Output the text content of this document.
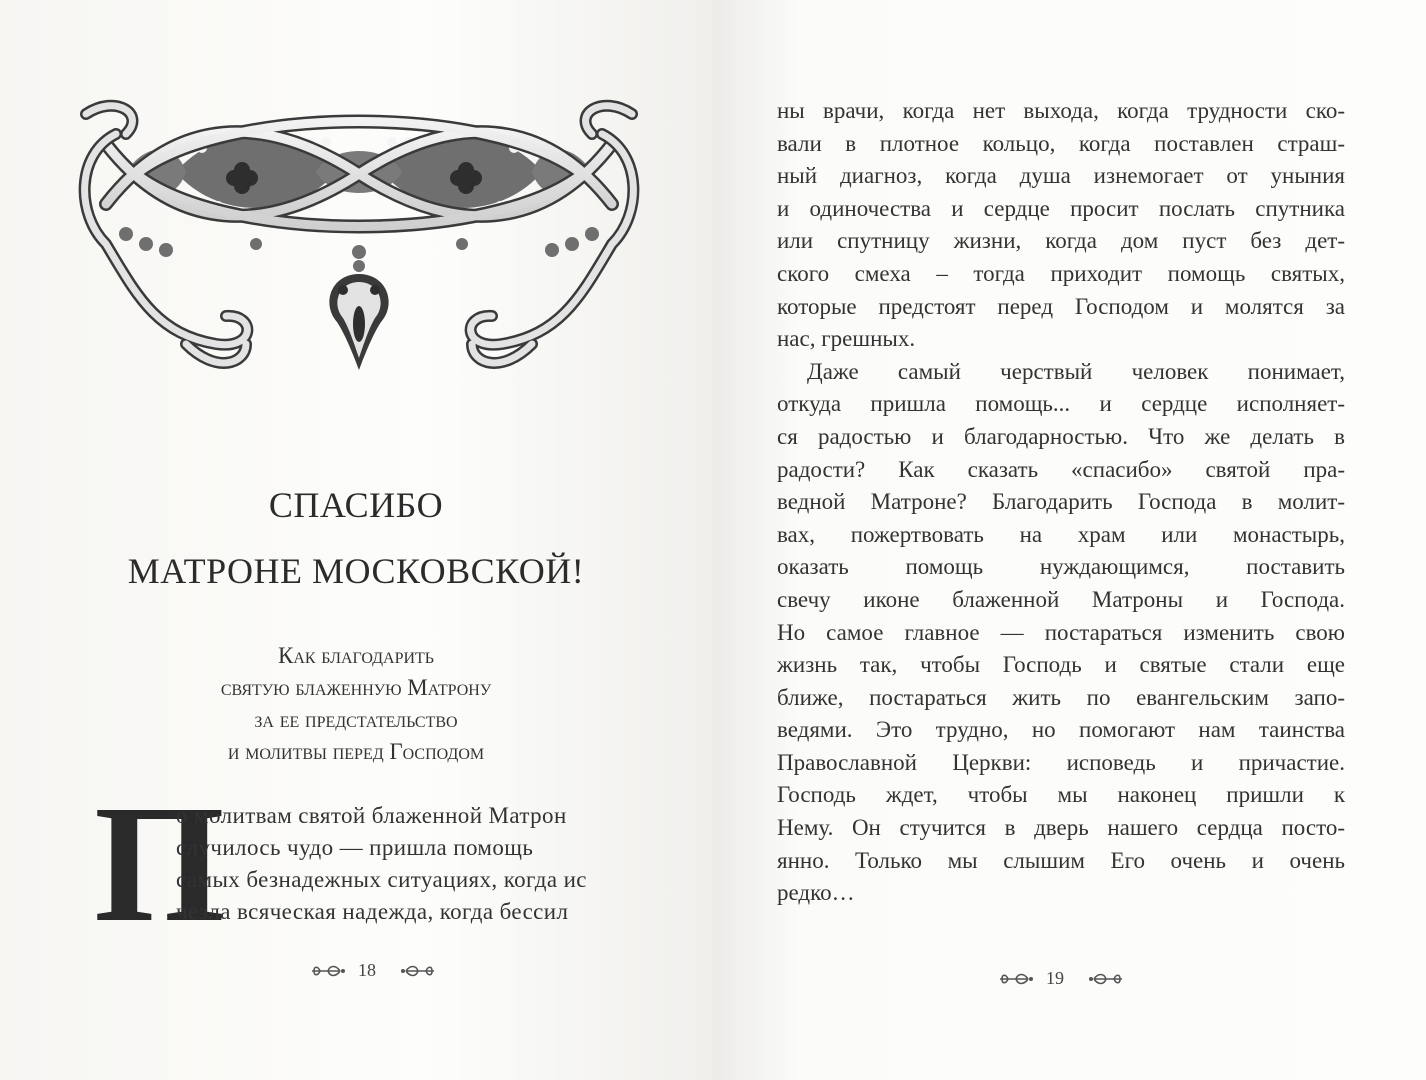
СПАСИБО
МАТРОНЕ МОСКОВСКОЙ!
Как благодарить
святую блаженную Матрону
за ее предстательство
и молитвы перед Господом
П
о молитвам святой блаженной Матрон
случилось чудо — пришла помощь
самых безнадежных ситуациях, когда ис
чезла всяческая надежда, когда бессил
18
ны врачи, когда нет выхода, когда трудности ско-
вали в плотное кольцо, когда поставлен страш-
ный диагноз, когда душа изнемогает от уныния
и одиночества и сердце просит послать спутника
или спутницу жизни, когда дом пуст без дет-
ского смеха – тогда приходит помощь святых,
которые предстоят перед Господом и молятся за
нас, грешных.
Даже самый черствый человек понимает,
откуда пришла помощь... и сердце исполняет-
ся радостью и благодарностью. Что же делать в
радости? Как сказать «спасибо» святой пра-
ведной Матроне? Благодарить Господа в молит-
вах, пожертвовать на храм или монастырь,
оказать помощь нуждающимся, поставить
свечу иконе блаженной Матроны и Господа.
Но самое главное — постараться изменить свою
жизнь так, чтобы Господь и святые стали еще
ближе, постараться жить по евангельским запо-
ведями. Это трудно, но помогают нам таинства
Православной Церкви: исповедь и причастие.
Господь ждет, чтобы мы наконец пришли к
Нему. Он стучится в дверь нашего сердца посто-
янно. Только мы слышим Его очень и очень
редко…
19
